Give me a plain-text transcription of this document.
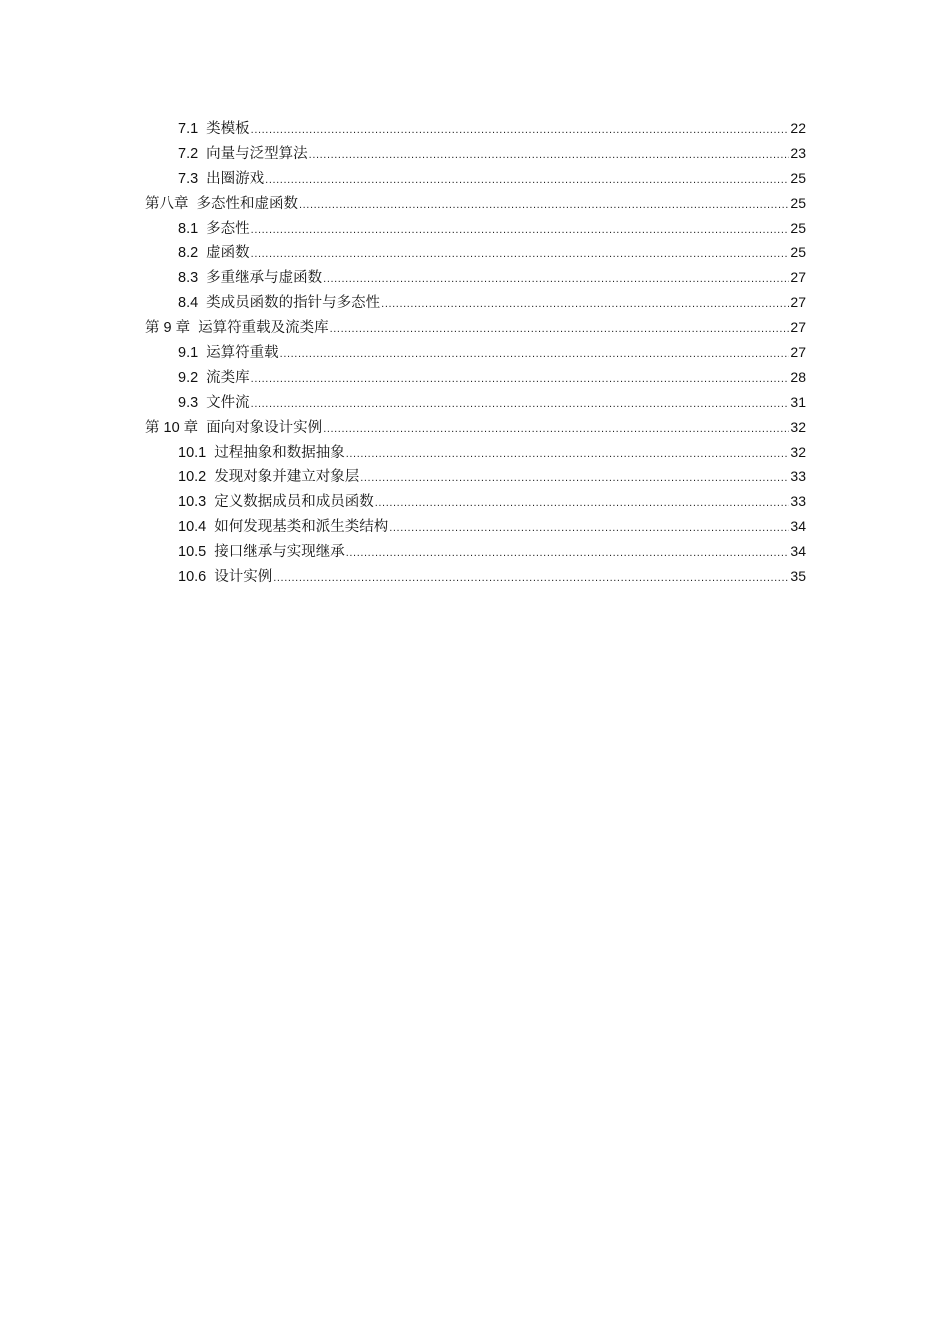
7.1 类模板 .....	22
7.2 向量与泛型算法 .....	23
7.3 出圈游戏 .....	25
第八章 多态性和虚函数 .....	25
8.1 多态性 .....	25
8.2 虚函数 .....	25
8.3 多重继承与虚函数 .....	27
8.4 类成员函数的指针与多态性 .....	27
第 9 章 运算符重载及流类库 .....	27
9.1 运算符重载 .....	27
9.2 流类库 .....	28
9.3 文件流 .....	31
第 10 章 面向对象设计实例 .....	32
10.1 过程抽象和数据抽象 .....	32
10.2 发现对象并建立对象层 .....	33
10.3 定义数据成员和成员函数 .....	33
10.4 如何发现基类和派生类结构 .....	34
10.5 接口继承与实现继承 .....	34
10.6 设计实例 .....	35
